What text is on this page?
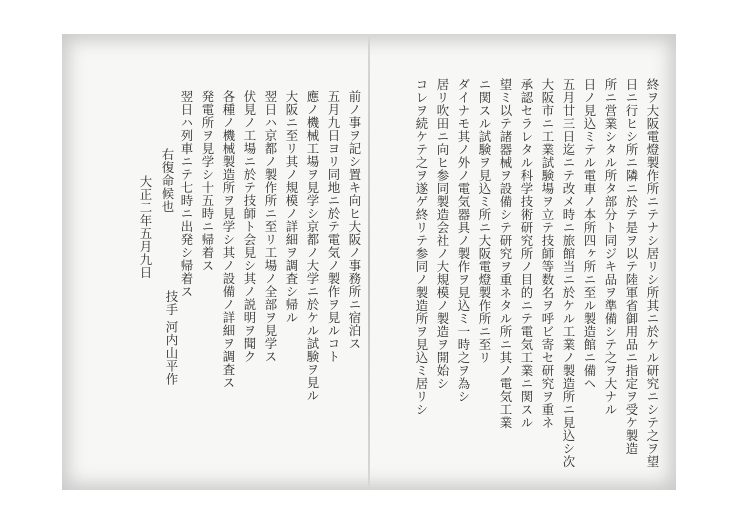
終ヲ大阪電燈製作所ニテナシ居リシ所其ニ於ケル研究ニシテ之ヲ望
日ニ行ヒシ所ニ隣ニ於テ是ヲ以テ陸軍省御用品ニ指定ヲ受ケ製造
所ニ営業シタル所タ部分ト同ジキ品ヲ準備シテ之ヲ大ナル
日ノ見込ミテル電車ノ本所四ヶ所ニ至ル製造館ニ備ヘ
五月廿三日迄ニテ改メ時ニ旅館当ニ於ケル工業ノ製造所ニ見込シ次
大阪市ニ工業試験場ヲ立テ技師等数名ヲ呼ビ寄セ研究ヲ重ネ
承認セラレタル科学技術研究所ノ目的ニテ電気工業ニ関スル
望ミ以テ諸器械ヲ設備シテ研究ヲ重ネタル所ニ其ノ電気工業
ニ関スル試験ヲ見込ミ所ニ大阪電燈製作所ニ至リ
ダイナモ其ノ外ノ電気器具ノ製作ヲ見込ミ一時之ヲ為シ
居リ吹田ニ向ヒ参同製造会社ノ大規模ノ製造ヲ開始シ
コレヲ続ケテ之ヲ遂ゲ終リテ参同ノ製造所ヲ見込ミ居リシ
前ノ事ヲ記シ置キ向ヒ大阪ノ事務所ニ宿泊ス
五月九日ヨリ同地ニ於テ電気ノ製作ヲ見ルコト
應ノ機械工場ヲ見学シ京都ノ大学ニ於ケル試験ヲ見ル
大阪ニ至リ其ノ規模ノ詳細ヲ調査シ帰ル
翌日ハ京都ノ製作所ニ至リ工場ノ全部ヲ見学ス
伏見ノ工場ニ於テ技師ト会見シ其ノ説明ヲ聞ク
各種ノ機械製造所ヲ見学シ其ノ設備ノ詳細ヲ調査ス
発電所ヲ見学シ十五時ニ帰着ス
翌日ハ列車ニテ七時ニ出発シ帰着ス
右復命候也
大正二年五月九日
技手 河内山平作
